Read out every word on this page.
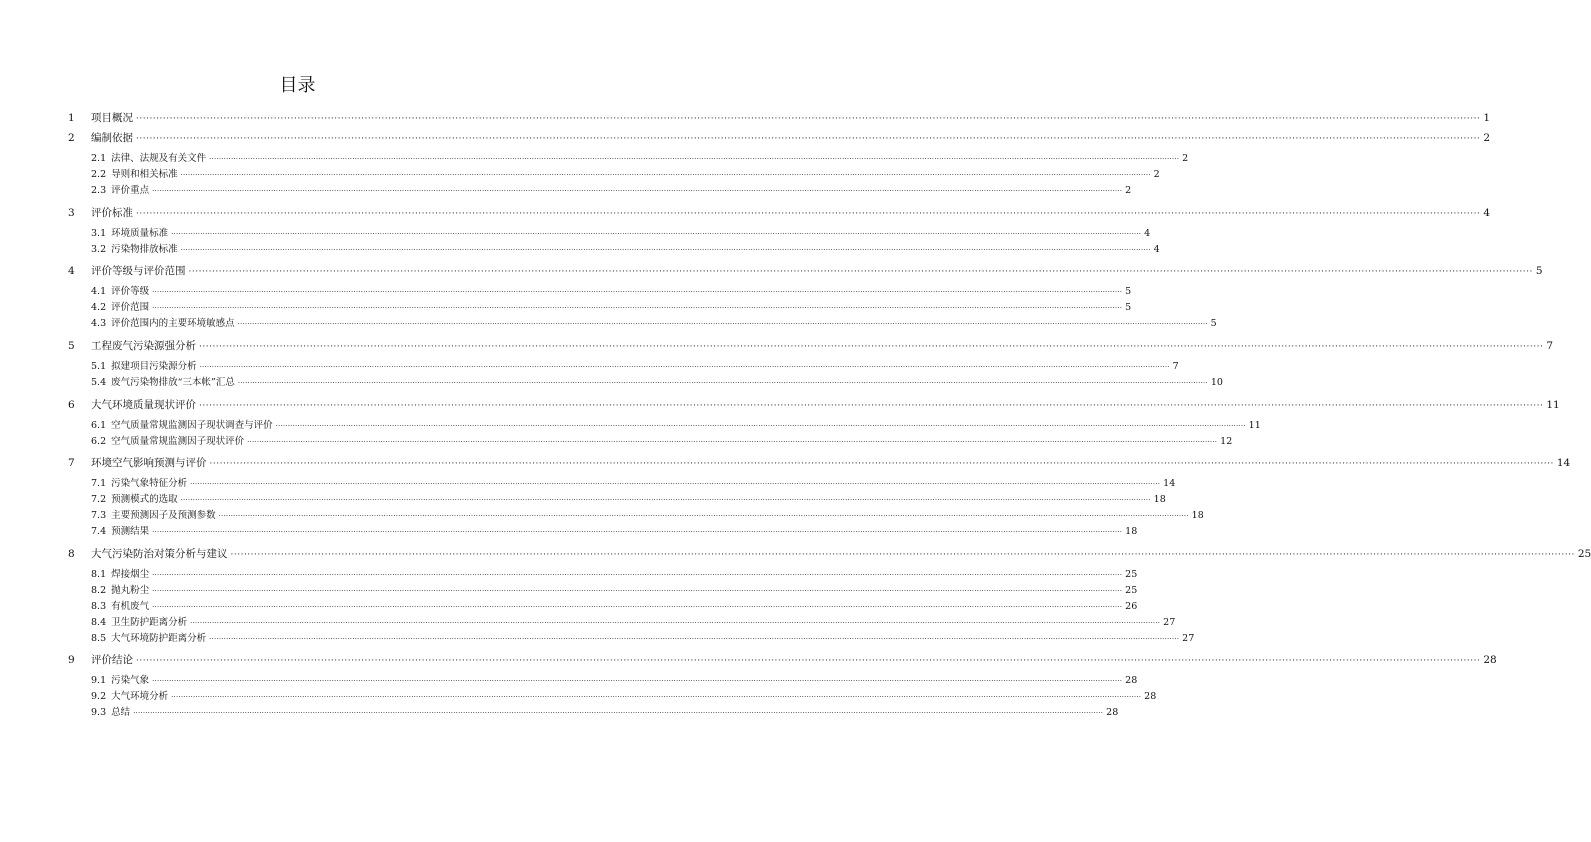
目录
1	项目概况 ················································································································································································································································································································································································································ 1
2	编制依据 ················································································································································································································································································································································································································ 2
2.1 法律、法规及有关文件 ················································································································································································································································································································································································································ 2
2.2 导则和相关标准 ················································································································································································································································································································································································································ 2
2.3 评价重点 ················································································································································································································································································································································································································ 2
3	评价标准 ················································································································································································································································································································································································································ 4
3.1 环境质量标准 ················································································································································································································································································································································································································ 4
3.2 污染物排放标准 ················································································································································································································································································································································································································ 4
4	评价等级与评价范围 ················································································································································································································································································································································································································ 5
4.1 评价等级 ················································································································································································································································································································································································································ 5
4.2 评价范围 ················································································································································································································································································································································································································ 5
4.3 评价范围内的主要环境敏感点 ················································································································································································································································································································································································································ 5
5	工程废气污染源强分析 ················································································································································································································································································································································································································ 7
5.1 拟建项目污染源分析 ················································································································································································································································································································································································································ 7
5.4 废气污染物排放“三本帐”汇总 ················································································································································································································································································································································································································ 10
6	大气环境质量现状评价 ················································································································································································································································································································································································································ 11
6.1 空气质量常规监测因子现状调查与评价 ················································································································································································································································································································································································································ 11
6.2 空气质量常规监测因子现状评价 ················································································································································································································································································································································································································ 12
7	环境空气影响预测与评价 ················································································································································································································································································································································································································ 14
7.1 污染气象特征分析 ················································································································································································································································································································································································································ 14
7.2 预测模式的选取 ················································································································································································································································································································································································································ 18
7.3 主要预测因子及预测参数 ················································································································································································································································································································································································································ 18
7.4 预测结果 ················································································································································································································································································································································································································ 18
8	大气污染防治对策分析与建议 ················································································································································································································································································································································································································ 25
8.1 焊接烟尘 ················································································································································································································································································································································································································ 25
8.2 抛丸粉尘 ················································································································································································································································································································································································································ 25
8.3 有机废气 ················································································································································································································································································································································································································ 26
8.4 卫生防护距离分析 ················································································································································································································································································································································································································ 27
8.5 大气环境防护距离分析 ················································································································································································································································································································································································································ 27
9	评价结论 ················································································································································································································································································································································································································ 28
9.1 污染气象 ················································································································································································································································································································································································································ 28
9.2 大气环境分析 ················································································································································································································································································································································································································ 28
9.3 总结 ················································································································································································································································································································································································································ 28
